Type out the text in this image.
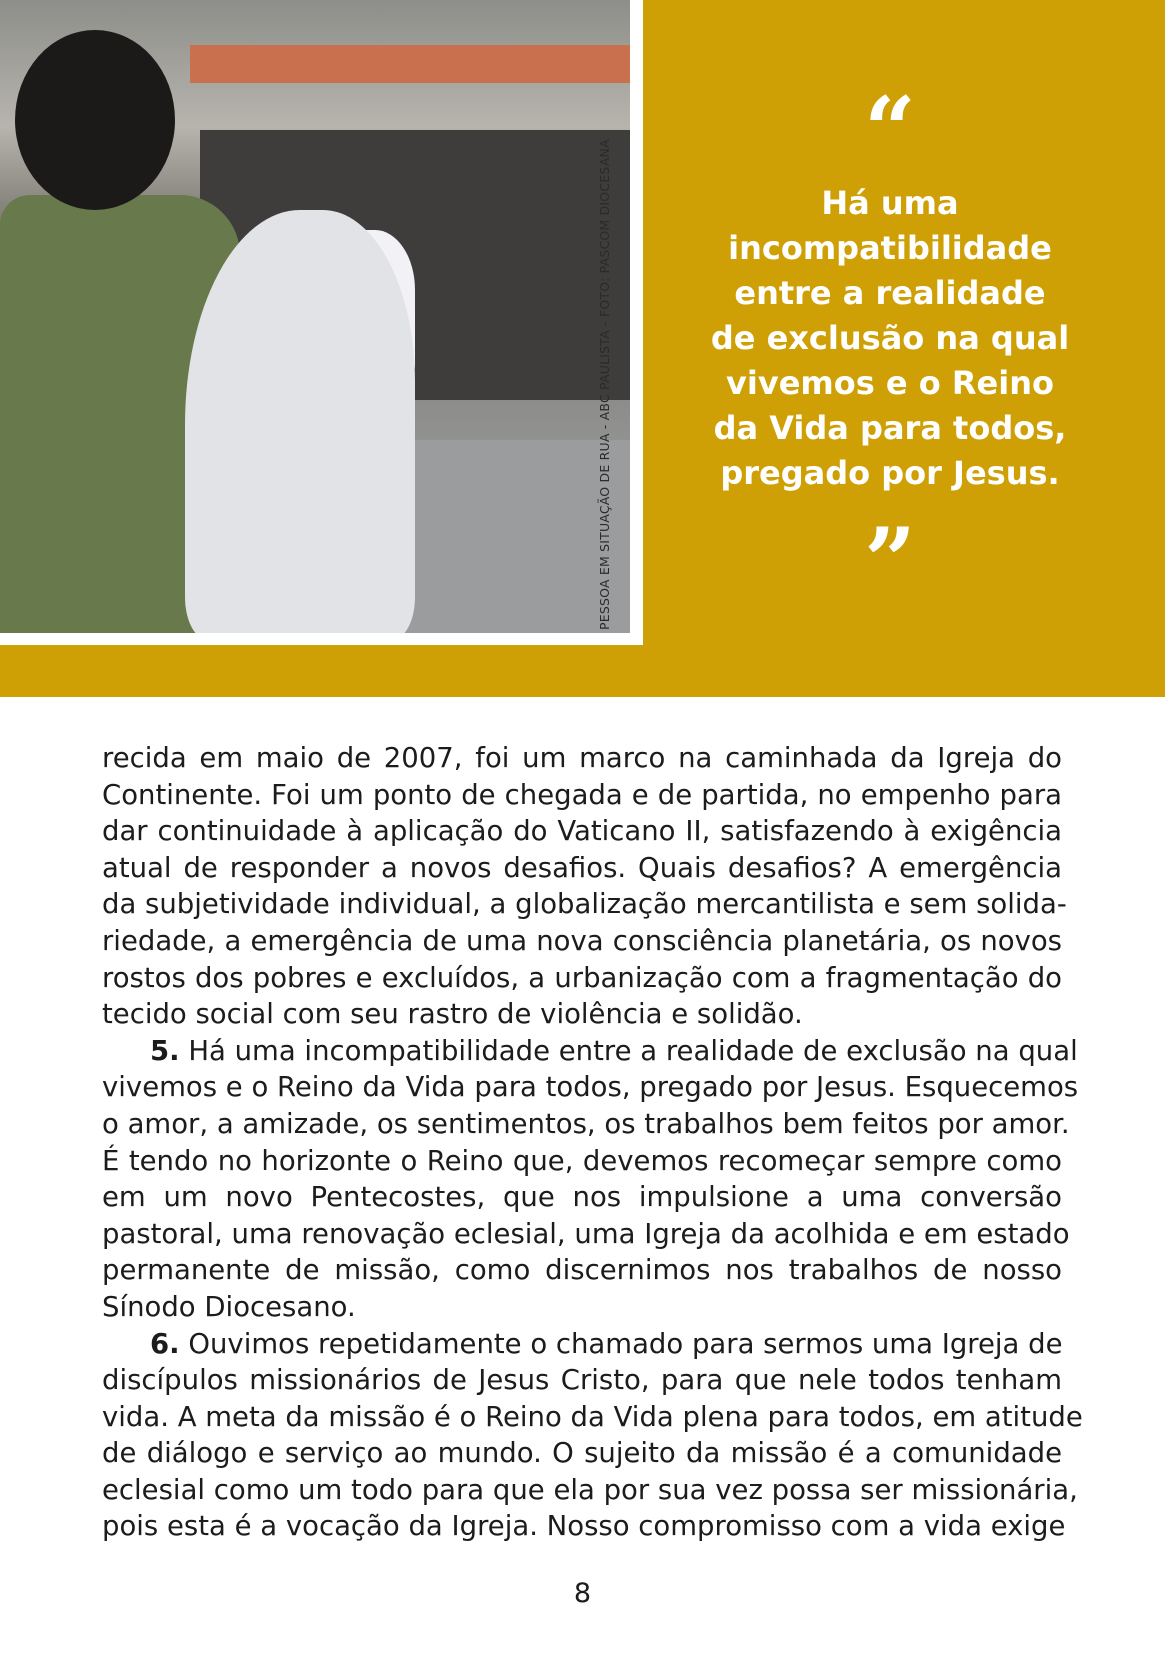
PESSOA EM SITUAÇÃO DE RUA - ABC PAULISTA - FOTO: PASCOM DIOCESANA
“
Há uma
incompatibilidade
entre a realidade
de exclusão na qual
vivemos e o Reino
da Vida para todos,
pregado por Jesus.
”
recida em maio de 2007, foi um marco na caminhada da Igreja do
Continente. Foi um ponto de chegada e de partida, no empenho para
dar continuidade à aplicação do Vaticano II, satisfazendo à exigência
atual de responder a novos desafios. Quais desafios? A emergência
da subjetividade individual, a globalização mercantilista e sem solida-
riedade, a emergência de uma nova consciência planetária, os novos
rostos dos pobres e excluídos, a urbanização com a fragmentação do
tecido social com seu rastro de violência e solidão.
5. Há uma incompatibilidade entre a realidade de exclusão na qual
vivemos e o Reino da Vida para todos, pregado por Jesus. Esquecemos
o amor, a amizade, os sentimentos, os trabalhos bem feitos por amor.
É tendo no horizonte o Reino que, devemos recomeçar sempre como
em um novo Pentecostes, que nos impulsione a uma conversão
pastoral, uma renovação eclesial, uma Igreja da acolhida e em estado
permanente de missão, como discernimos nos trabalhos de nosso
Sínodo Diocesano.
6. Ouvimos repetidamente o chamado para sermos uma Igreja de
discípulos missionários de Jesus Cristo, para que nele todos tenham
vida. A meta da missão é o Reino da Vida plena para todos, em atitude
de diálogo e serviço ao mundo. O sujeito da missão é a comunidade
eclesial como um todo para que ela por sua vez possa ser missionária,
pois esta é a vocação da Igreja. Nosso compromisso com a vida exige
8
